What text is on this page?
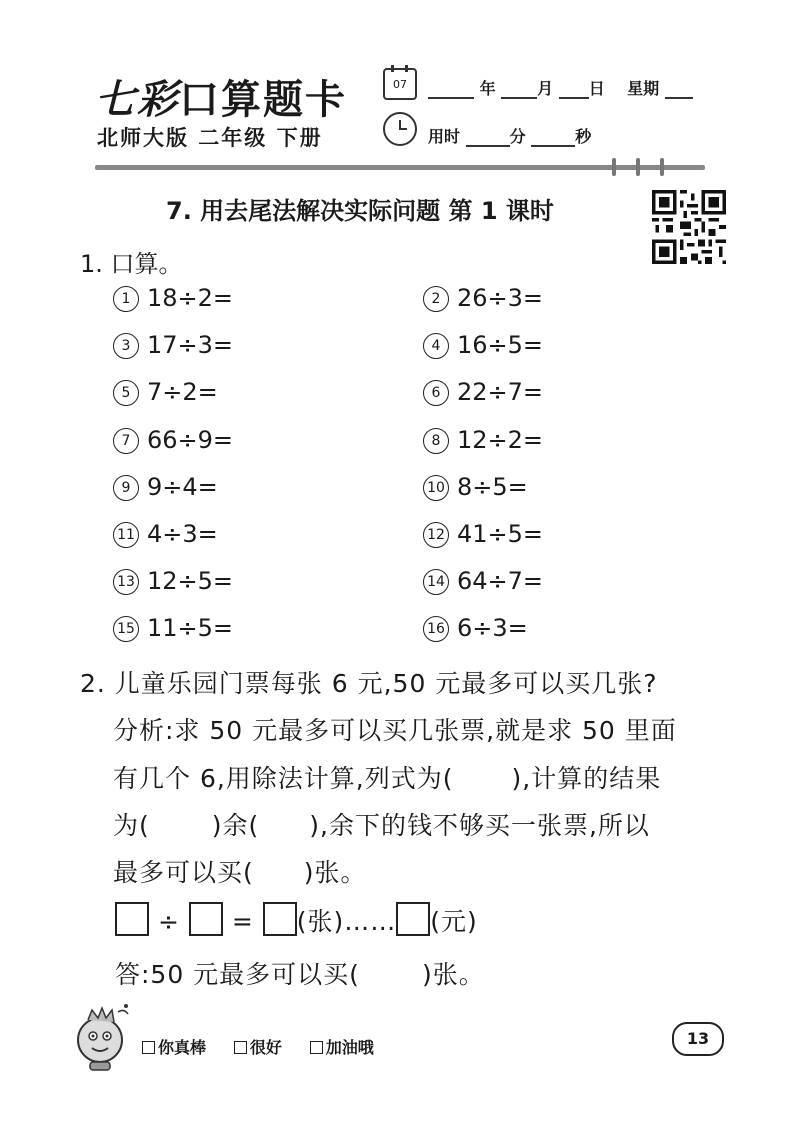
七彩口算题卡
北师大版 二年级 下册
07	年	月 日 星期
用时	分	秒
7. 用去尾法解决实际问题 第 1 课时
1. 口算。
1 18÷2=	2 26÷3=
3 17÷3=	4 16÷5=
5 7÷2=	6 22÷7=
7 66÷9=	8 12÷2=
9 9÷4=	10 8÷5=
11 4÷3=	12 41÷5=
13 12÷5=	14 64÷7=
15 11÷5=	16 6÷3=
2. 儿童乐园门票每张 6 元,50 元最多可以买几张?
分析:求 50 元最多可以买几张票,就是求 50 里面
有几个 6,用除法计算,列式为( ),计算的结果
为( )余( ),余下的钱不够买一张票,所以
最多可以买( )张。
÷ = (张)…… (元)
答:50 元最多可以买( )张。
你真棒	很好	加油哦	13
